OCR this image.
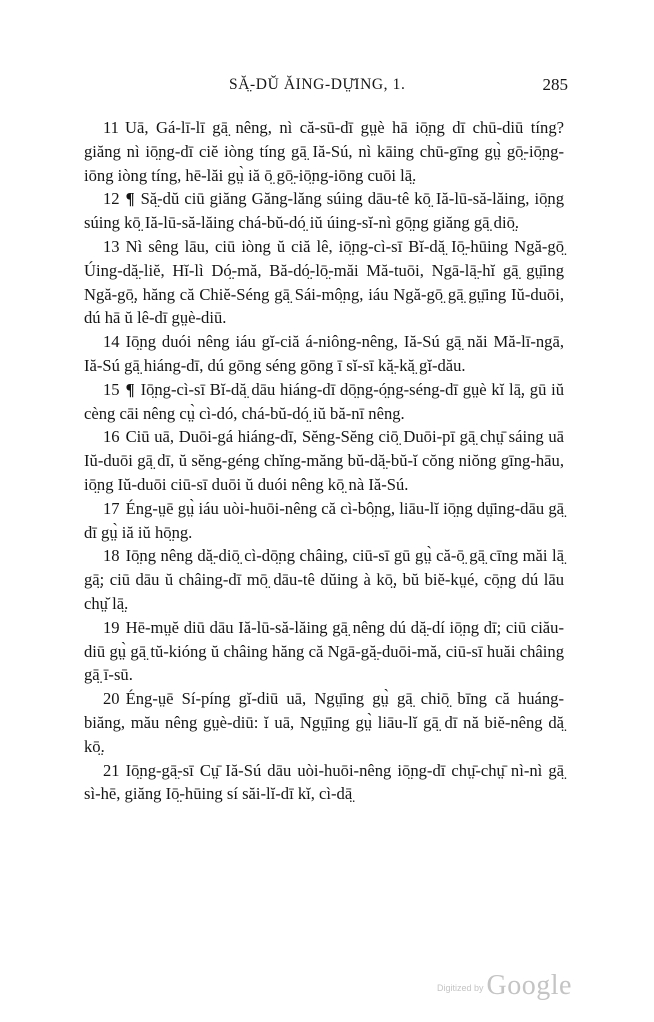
SĂ̤-DŬ ĂING-DṲ̆ING, 1.	285

11 Uā, Gá-lī-lī gā̤ nêng, nì că-sū-dī gṳè hā iō̤ng dī chū-diū tíng? giăng nì iō̤ng-dī ciĕ iòng tíng gā̤ Iă-Sú, nì kāing chū-gīng gṳ̀ gō̤-iō̤ng-iōng iòng tíng, hē-lăi gṳ̀ iă ō̤ gō̤-iō̤ng-iōng cuōi lā̤.

12 ¶ Să̤-dŭ ciū giăng Găng-lăng súing dāu-tê kō̤ Iă-lū-să-lăing, iō̤ng súing kō̤ Iă-lū-să-lăing chá-bŭ-dó̤ iŭ úing-sĭ-nì gō̤ng giăng gā̤ diō̤.

13 Nì sêng lāu, ciū iòng ŭ ciă lê, iō̤ng-cì-sī Bĭ-dă̤ Iō̤-hūing Ngă-gō̤ Úing-dă̤-liĕ, Hĭ-lì Dó̤-mă, Bă-dó̤-lō̤-măi Mă-tuōi, Ngā-lā̤-hĭ gā̤ gṳ̄ing Ngă-gō̤, hăng că Chiĕ-Séng gā̤ Sái-mô̤ng, iáu Ngă-gō̤ gā̤ gṳ̄ing Iŭ-duōi, dú hā ŭ lê-dī gṳè-diū.

14 Iō̤ng duói nêng iáu gĭ-ciă á-niông-nêng, Iă-Sú gā̤ năi Mă-lī-ngā, Iă-Sú gā̤ hiáng-dī, dú gōng séng gōng ī sĭ-sī kă̤-kă̤ gĭ-dău.

15 ¶ Iō̤ng-cì-sī Bĭ-dă̤ dāu hiáng-dī dō̤ng-ó̤ng-séng-dī gṳè kĭ lā̤, gū iŭ cèng cāi nêng cṳ̀ cì-dó, chá-bŭ-dó̤ iŭ bă-nī nêng.

16 Ciū uā, Duōi-gá hiáng-dī, Sĕng-Sĕng ciō̤ Duōi-pī gā̤ chṳ̄ sáing uā Iŭ-duōi gā̤ dī, ŭ sĕng-géng chĭng-măng bŭ-dă̤-bŭ-ĭ cŏng niŏng gīng-hāu, iō̤ng Iŭ-duōi ciū-sī duōi ŭ duói nêng kō̤ nà Iă-Sú.

17 Éng-ṳē gṳ̀ iáu uòi-huōi-nêng că cì-bô̤ng, liāu-lĭ iō̤ng dṳ̄ing-dāu gā̤ dī gṳ̀ iă iŭ hō̤ng.

18 Iō̤ng nêng dă̤-diō̤ cì-dō̤ng châing, ciū-sī gū gṳ̀ că-ō̤ gā̤ cīng măi lā̤ gā̤; ciū dāu ŭ châing-dī mō̤ dāu-tê dŭing à kō̤, bŭ biĕ-kṳé, cō̤ng dú lāu chṳ̆ lā̤.

19 Hē-mṳĕ diū dāu Iă-lū-să-lăing gā̤ nêng dú dă̤-dí iō̤ng dī; ciū ciău-diū gṳ̀ gā̤ tŭ-kióng ŭ châing hăng că Ngā-gă̤-duōi-mă, ciū-sī huăi châing gā̤ ī-sū.

20 Éng-ṳē Sí-píng gĭ-diū uā, Ngṳ̄ing gṳ̀ gā̤ chiō̤ bīng că huáng-biăng, mău nêng gṳè-diū: ĭ uā, Ngṳ̄ing gṳ̀ liāu-lĭ gā̤ dī nă biĕ-nêng dă̤ kō̤.

21 Iō̤ng-gā̤-sī Cṳ̄ Iă-Sú dāu uòi-huōi-nêng iō̤ng-dī chṳ̄-chṳ̄ nì-nì gā̤ sì-hē, giăng Iō̤-hūing sí săi-lĭ-dī kĭ, cì-dā̤

Digitized by Google
